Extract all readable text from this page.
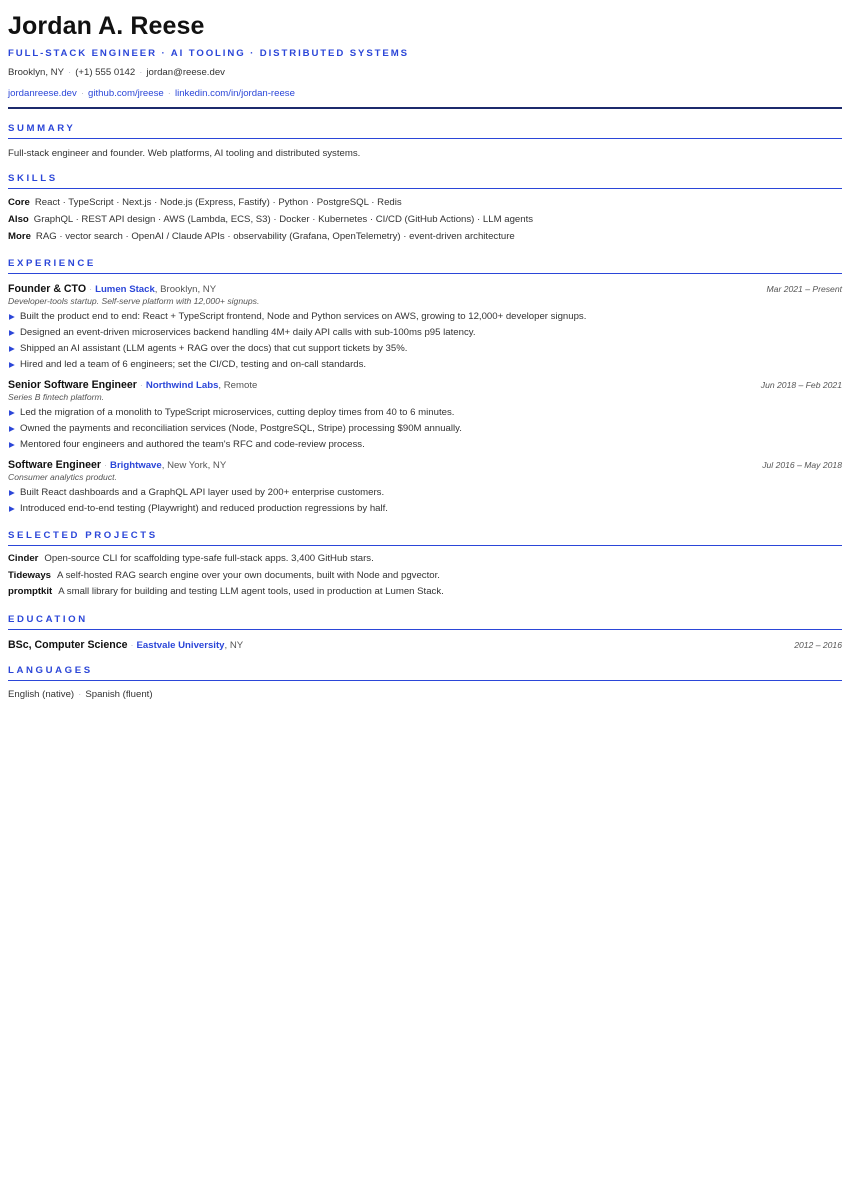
Jordan A. Reese
FULL-STACK ENGINEER · AI TOOLING · DISTRIBUTED SYSTEMS
Brooklyn, NY · (+1) 555 0142 · jordan@reese.dev
jordanreese.dev · github.com/jreese · linkedin.com/in/jordan-reese
SUMMARY

Full-stack engineer and founder. Web platforms, AI tooling and distributed systems.

SKILLS
Core React · TypeScript · Next.js · Node.js (Express, Fastify) · Python · PostgreSQL · Redis
Also GraphQL · REST API design · AWS (Lambda, ECS, S3) · Docker · Kubernetes · CI/CD (GitHub Actions) · LLM agents
More RAG · vector search · OpenAI / Claude APIs · observability (Grafana, OpenTelemetry) · event-driven architecture
EXPERIENCE
Founder & CTO · Lumen Stack, Brooklyn, NY	Mar 2021 – Present
Developer-tools startup. Self-serve platform with 12,000+ signups.
▶ Built the product end to end: React + TypeScript frontend, Node and Python services on AWS, growing to 12,000+ developer signups.
▶ Designed an event-driven microservices backend handling 4M+ daily API calls with sub-100ms p95 latency.
▶ Shipped an AI assistant (LLM agents + RAG over the docs) that cut support tickets by 35%.
▶ Hired and led a team of 6 engineers; set the CI/CD, testing and on-call standards.
Senior Software Engineer · Northwind Labs, Remote	Jun 2018 – Feb 2021
Series B fintech platform.
▶ Led the migration of a monolith to TypeScript microservices, cutting deploy times from 40 to 6 minutes.
▶ Owned the payments and reconciliation services (Node, PostgreSQL, Stripe) processing $90M annually.
▶ Mentored four engineers and authored the team's RFC and code-review process.
Software Engineer · Brightwave, New York, NY	Jul 2016 – May 2018
Consumer analytics product.
▶ Built React dashboards and a GraphQL API layer used by 200+ enterprise customers.
▶ Introduced end-to-end testing (Playwright) and reduced production regressions by half.
SELECTED PROJECTS
Cinder Open-source CLI for scaffolding type-safe full-stack apps. 3,400 GitHub stars.
Tideways A self-hosted RAG search engine over your own documents, built with Node and pgvector.
promptkit A small library for building and testing LLM agent tools, used in production at Lumen Stack.
EDUCATION
BSc, Computer Science · Eastvale University, NY	2012 – 2016
LANGUAGES
English (native) · Spanish (fluent)
